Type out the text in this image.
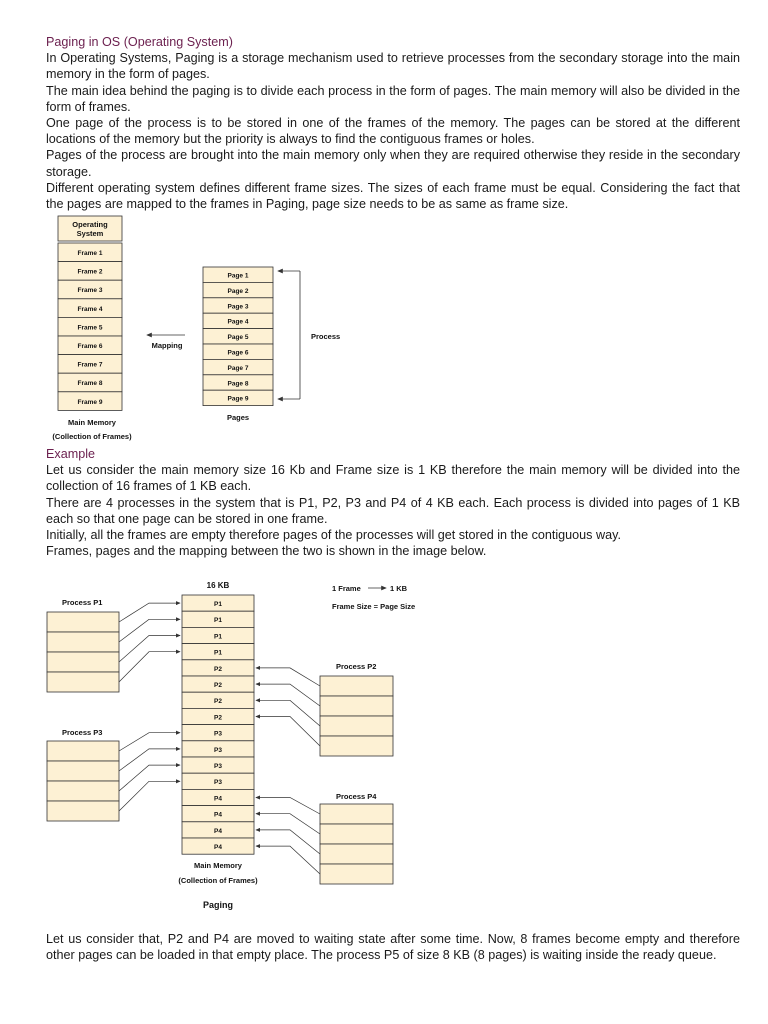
Paging in OS (Operating System)

In Operating Systems, Paging is a storage mechanism used to retrieve processes from the secondary storage into the main memory in the form of pages.

The main idea behind the paging is to divide each process in the form of pages. The main memory will also be divided in the form of frames.

One page of the process is to be stored in one of the frames of the memory. The pages can be stored at the different locations of the memory but the priority is always to find the contiguous frames or holes.

Pages of the process are brought into the main memory only when they are required otherwise they reside in the secondary storage.

Different operating system defines different frame sizes. The sizes of each frame must be equal. Considering the fact that the pages are mapped to the frames in Paging, page size needs to be as same as frame size.

Operating
System
Frame 1
Frame 2
Frame 3
Frame 4
Frame 5
Frame 6
Frame 7
Frame 8
Frame 9
Page 1
Page 2
Page 3
Page 4
Page 5
Page 6
Page 7
Page 8
Page 9
Mapping
Process
Pages
Main Memory
(Collection of Frames)

Example

Let us consider the main memory size 16 Kb and Frame size is 1 KB therefore the main memory will be divided into the collection of 16 frames of 1 KB each.

There are 4 processes in the system that is P1, P2, P3 and P4 of 4 KB each. Each process is divided into pages of 1 KB each so that one page can be stored in one frame.

Initially, all the frames are empty therefore pages of the processes will get stored in the contiguous way.

Frames, pages and the mapping between the two is shown in the image below.

16 KB	1 Frame	1 KB
Frame Size = Page Size
Process P1
Process P2
Process P3
Process P4
P1
P1
P1
P1
P2
P2
P2
P2
P3
P3
P3
P3
P4
P4
P4
P4
Main Memory
(Collection of Frames)
Paging

Let us consider that, P2 and P4 are moved to waiting state after some time. Now, 8 frames become empty and therefore other pages can be loaded in that empty place. The process P5 of size 8 KB (8 pages) is waiting inside the ready queue.
